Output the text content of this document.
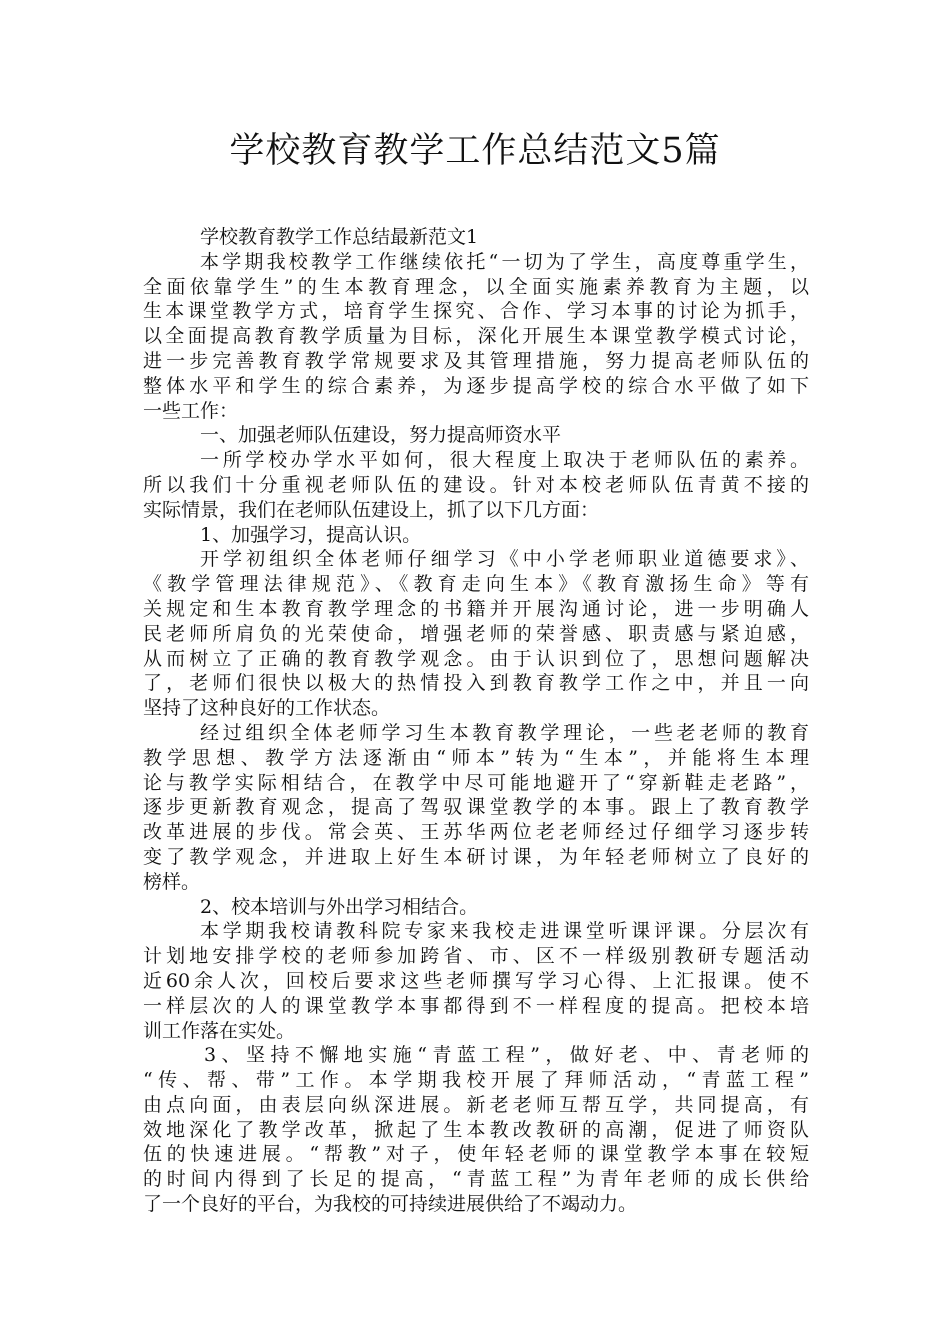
学校教育教学工作总结范文5篇
学校教育教学工作总结最新范文1
本学期我校教学工作继续依托“一切为了学生，高度尊重学生，
全面依靠学生”的生本教育理念，以全面实施素养教育为主题，以
生本课堂教学方式，培育学生探究、合作、学习本事的讨论为抓手，
以全面提高教育教学质量为目标，深化开展生本课堂教学模式讨论，
进一步完善教育教学常规要求及其管理措施，努力提高老师队伍的
整体水平和学生的综合素养，为逐步提高学校的综合水平做了如下
一些工作：
一、加强老师队伍建设，努力提高师资水平
一所学校办学水平如何，很大程度上取决于老师队伍的素养。
所以我们十分重视老师队伍的建设。针对本校老师队伍青黄不接的
实际情景，我们在老师队伍建设上，抓了以下几方面：
1、加强学习，提高认识。
开学初组织全体老师仔细学习《中小学老师职业道德要求》、
《教学管理法律规范》、《教育走向生本》《教育激扬生命》等有
关规定和生本教育教学理念的书籍并开展沟通讨论，进一步明确人
民老师所肩负的光荣使命，增强老师的荣誉感、职责感与紧迫感，
从而树立了正确的教育教学观念。由于认识到位了，思想问题解决
了，老师们很快以极大的热情投入到教育教学工作之中，并且一向
坚持了这种良好的工作状态。
经过组织全体老师学习生本教育教学理论，一些老老师的教育
教学思想、教学方法逐渐由“师本”转为“生本”，并能将生本理
论与教学实际相结合，在教学中尽可能地避开了“穿新鞋走老路”，
逐步更新教育观念，提高了驾驭课堂教学的本事。跟上了教育教学
改革进展的步伐。常会英、王苏华两位老老师经过仔细学习逐步转
变了教学观念，并进取上好生本研讨课，为年轻老师树立了良好的
榜样。
2、校本培训与外出学习相结合。
本学期我校请教科院专家来我校走进课堂听课评课。分层次有
计划地安排学校的老师参加跨省、市、区不一样级别教研专题活动
近60余人次，回校后要求这些老师撰写学习心得、上汇报课。使不
一样层次的人的课堂教学本事都得到不一样程度的提高。把校本培
训工作落在实处。
3、坚持不懈地实施“青蓝工程”，做好老、中、青老师的
“传、帮、带”工作。本学期我校开展了拜师活动，“青蓝工程”
由点向面，由表层向纵深进展。新老老师互帮互学，共同提高，有
效地深化了教学改革，掀起了生本教改教研的高潮，促进了师资队
伍的快速进展。“帮教”对子，使年轻老师的课堂教学本事在较短
的时间内得到了长足的提高，“青蓝工程”为青年老师的成长供给
了一个良好的平台，为我校的可持续进展供给了不竭动力。
